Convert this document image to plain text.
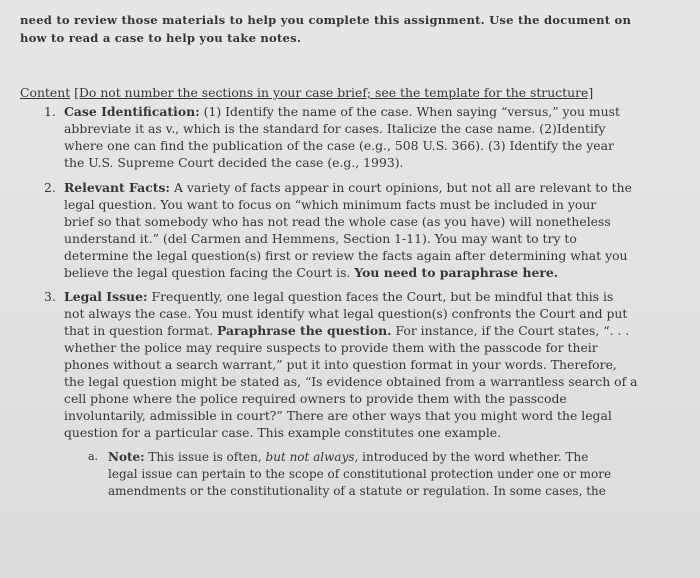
need to review those materials to help you complete this assignment. Use the document on
how to read a case to help you take notes.
Content [Do not number the sections in your case brief; see the template for the structure]
1. Case Identification: (1) Identify the name of the case. When saying “versus,” you must
abbreviate it as v., which is the standard for cases. Italicize the case name. (2)Identify
where one can find the publication of the case (e.g., 508 U.S. 366). (3) Identify the year
the U.S. Supreme Court decided the case (e.g., 1993).
2. Relevant Facts: A variety of facts appear in court opinions, but not all are relevant to the
legal question. You want to focus on “which minimum facts must be included in your
brief so that somebody who has not read the whole case (as you have) will nonetheless
understand it.” (del Carmen and Hemmens, Section 1-11). You may want to try to
determine the legal question(s) first or review the facts again after determining what you
believe the legal question facing the Court is. You need to paraphrase here.
3. Legal Issue: Frequently, one legal question faces the Court, but be mindful that this is
not always the case. You must identify what legal question(s) confronts the Court and put
that in question format. Paraphrase the question. For instance, if the Court states, “. . .
whether the police may require suspects to provide them with the passcode for their
phones without a search warrant,” put it into question format in your words. Therefore,
the legal question might be stated as, “Is evidence obtained from a warrantless search of a
cell phone where the police required owners to provide them with the passcode
involuntarily, admissible in court?” There are other ways that you might word the legal
question for a particular case. This example constitutes one example.
a. Note: This issue is often, but not always, introduced by the word whether. The
legal issue can pertain to the scope of constitutional protection under one or more
amendments or the constitutionality of a statute or regulation. In some cases, the
